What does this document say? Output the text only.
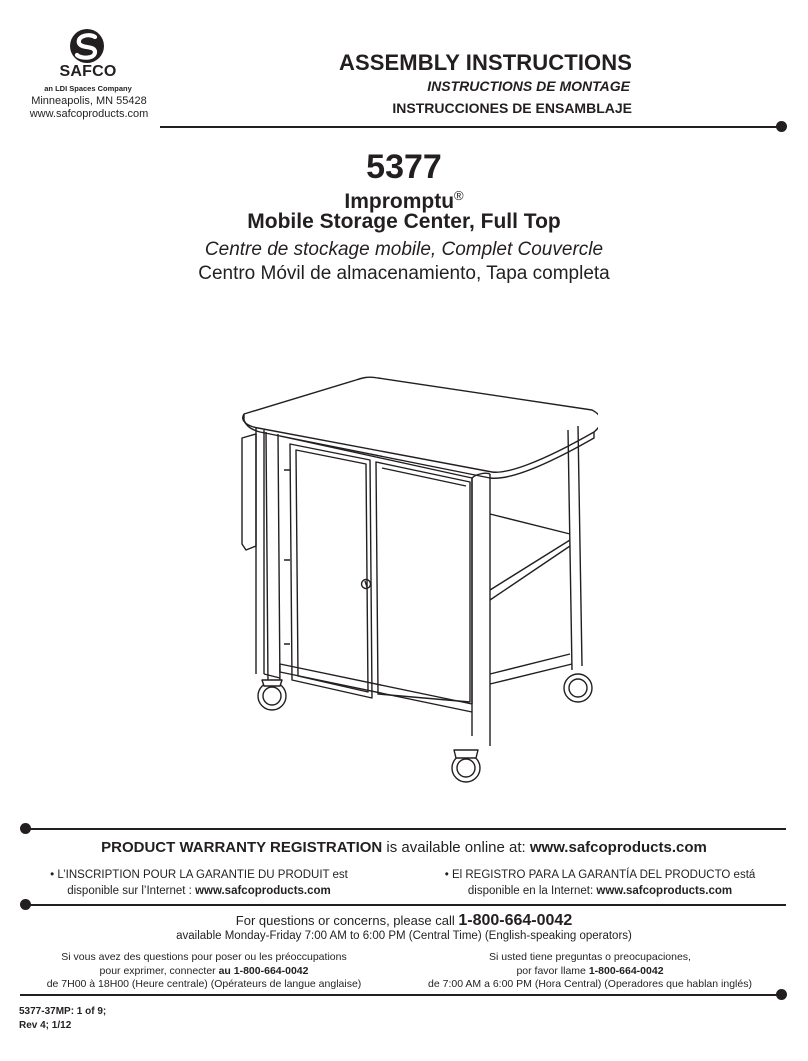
SAFCO
an LDI Spaces Company
Minneapolis, MN 55428
www.safcoproducts.com
ASSEMBLY INSTRUCTIONS
INSTRUCTIONS DE MONTAGE
INSTRUCCIONES DE ENSAMBLAJE
5377
Impromptu®
Mobile Storage Center, Full Top
Centre de stockage mobile, Complet Couvercle
Centro Móvil de almacenamiento, Tapa completa
PRODUCT WARRANTY REGISTRATION is available online at: www.safcoproducts.com
• L’INSCRIPTION POUR LA GARANTIE DU PRODUIT est
disponible sur l’Internet : www.safcoproducts.com
• El REGISTRO PARA LA GARANTÍA DEL PRODUCTO está
disponible en la Internet: www.safcoproducts.com
For questions or concerns, please call 1-800-664-0042
available Monday-Friday 7:00 AM to 6:00 PM (Central Time) (English-speaking operators)
Si vous avez des questions pour poser ou les préoccupations
pour exprimer, connecter au 1-800-664-0042
de 7H00 à 18H00 (Heure centrale) (Opérateurs de langue anglaise)
Si usted tiene preguntas o preocupaciones,
por favor llame 1-800-664-0042
de 7:00 AM a 6:00 PM (Hora Central) (Operadores que hablan inglés)
5377-37MP: 1 of 9;
Rev 4; 1/12
